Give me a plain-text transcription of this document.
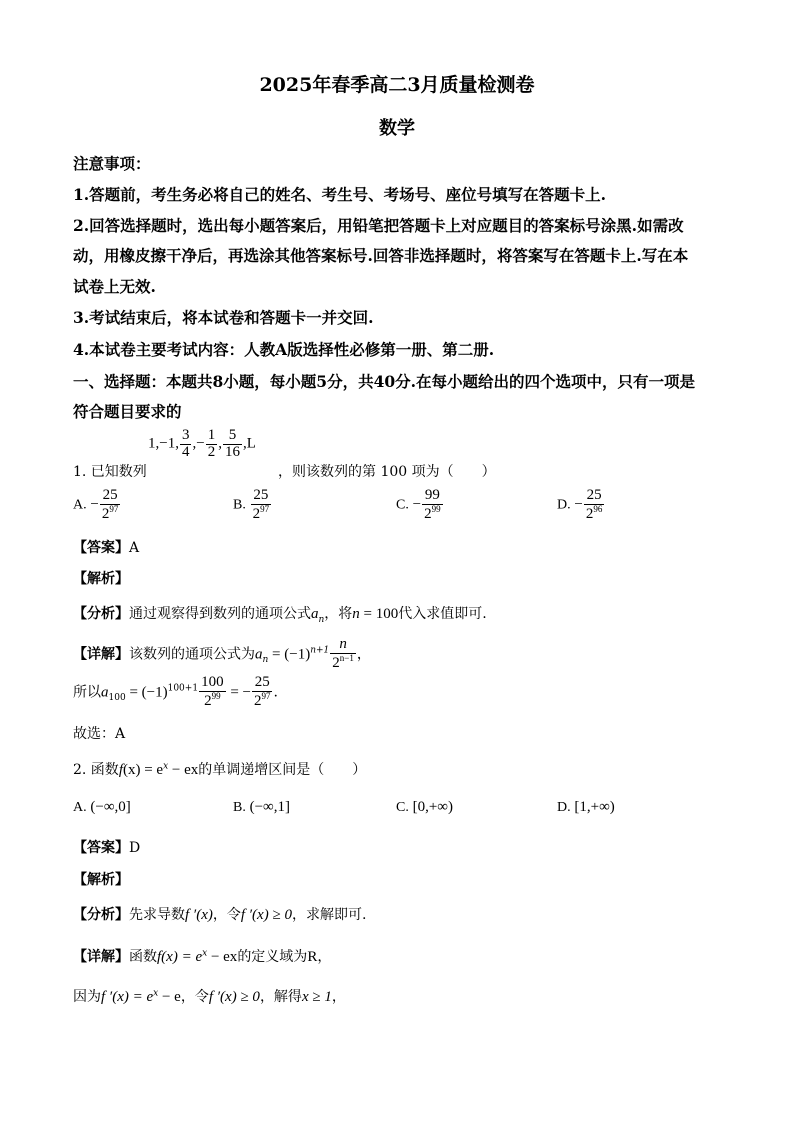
2025年春季高二3月质量检测卷
数学
注意事项：
1.答题前，考生务必将自己的姓名、考生号、考场号、座位号填写在答题卡上.
2.回答选择题时，选出每小题答案后，用铅笔把答题卡上对应题目的答案标号涂黑.如需改
动，用橡皮擦干净后，再选涂其他答案标号.回答非选择题时，将答案写在答题卡上.写在本
试卷上无效.
3.考试结束后，将本试卷和答题卡一并交回.
4.本试卷主要考试内容：人教A版选择性必修第一册、第二册.
一、选择题：本题共8小题，每小题5分，共40分.在每小题给出的四个选项中，只有一项是
符合题目要求的
1. 已知数列
1,−1, $\frac{3}{4}$ ,− $\frac{1}{2}$ , $\frac{5}{16} ,L$
，则该数列的第 100 项为（　　）
A. − $\frac{25}{2^{97}}$	B. $\frac{25}{2^{97}}$	C. − $\frac{99}{2^{99}}$	D. − $\frac{25}{2^{96}}$
【答案】A
【解析】
【分析】通过观察得到数列的通项公式$a_n$，将n = 100代入求值即可.
【详解】该数列的通项公式为$a_n = (-1)^{n+1} \frac{n}{2^{n-1}}$ ，
所以$a_{100} = (-1)^{100+1} \frac{100}{2^{99}}$ = − $\frac{25}{2^{97}}$ .
故选：A
2. 函数$f(x) = e^x$ − ex的单调递增区间是（　　）
A. (−∞,0]	B. (−∞,1]	C. [0,+∞)	D. [1,+∞)
【答案】D
【解析】
【分析】先求导数f ′(x)，令f ′(x) ≥ 0，求解即可.
【详解】函数$f(x) = e^x$ − ex的定义域为R，
因为f $'(x) = e^x - e$，令f ′(x) ≥ 0，解得x ≥ 1，
